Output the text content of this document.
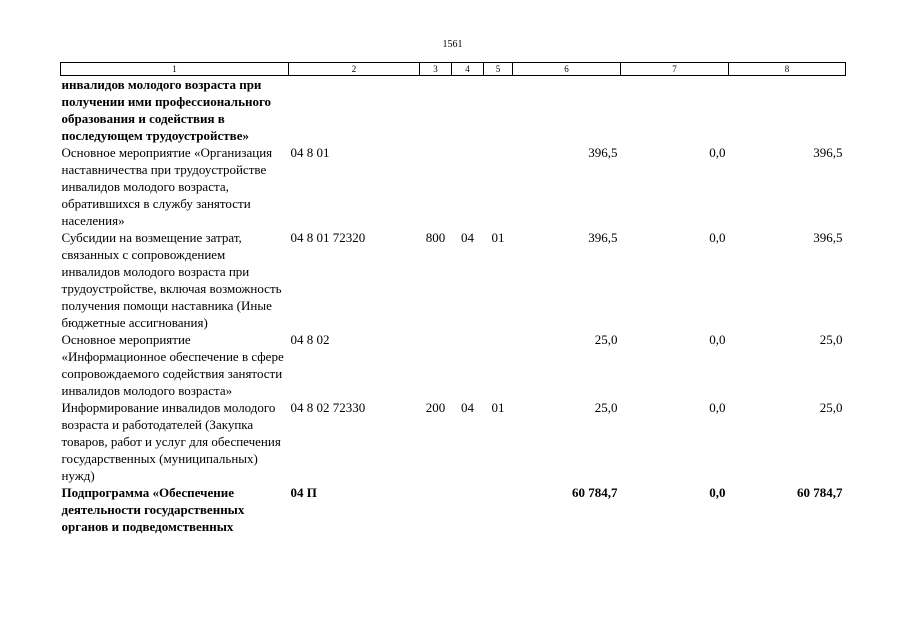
1561
1	2	3	4	5	6	7	8
инвалидов молодого возраста при получении ими профессионального образования и содействия в последующем трудоустройстве»							
Основное мероприятие «Организация наставничества при трудоустройстве инвалидов молодого возраста, обратившихся в службу занятости населения»	04 8 01				396,5	0,0	396,5
Субсидии на возмещение затрат, связанных с сопровождением инвалидов молодого возраста при трудоустройстве, включая возможность получения помощи наставника (Иные бюджетные ассигнования)	04 8 01 72320	800	04	01	396,5	0,0	396,5
Основное мероприятие «Информационное обеспечение в сфере сопровождаемого содействия занятости инвалидов молодого возраста»	04 8 02				25,0	0,0	25,0
Информирование инвалидов молодого возраста и работодателей (Закупка товаров, работ и услуг для обеспечения государственных (муниципальных) нужд)	04 8 02 72330	200	04	01	25,0	0,0	25,0
Подпрограмма «Обеспечение деятельности государственных органов и подведомственных	04 П				60 784,7	0,0	60 784,7
